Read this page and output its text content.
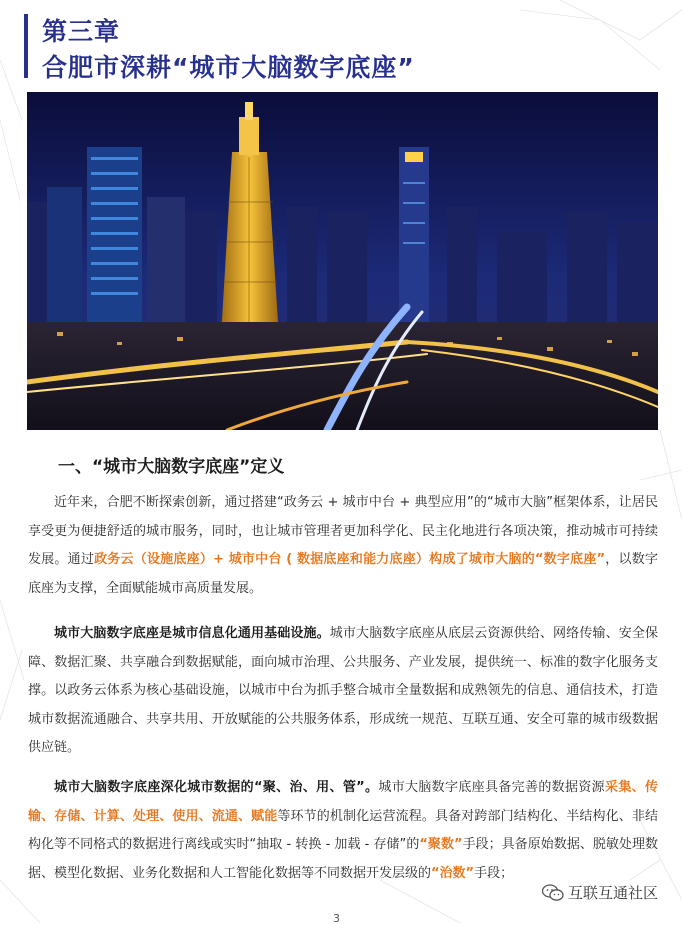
第三章
合肥市深耕“城市大脑数字底座”
一、“城市大脑数字底座”定义

近年来，合肥不断探索创新，通过搭建“政务云 + 城市中台 + 典型应用”的“城市大脑”框架体系，让居民享受更为便捷舒适的城市服务，同时，也让城市管理者更加科学化、民主化地进行各项决策，推动城市可持续发展。通过政务云（设施底座）+ 城市中台 ( 数据底座和能力底座）构成了城市大脑的“数字底座”，以数字底座为支撑，全面赋能城市高质量发展。

城市大脑数字底座是城市信息化通用基础设施。城市大脑数字底座从底层云资源供给、网络传输、安全保障、数据汇聚、共享融合到数据赋能，面向城市治理、公共服务、产业发展，提供统一、标准的数字化服务支撑。以政务云体系为核心基础设施，以城市中台为抓手整合城市全量数据和成熟领先的信息、通信技术，打造城市数据流通融合、共享共用、开放赋能的公共服务体系，形成统一规范、互联互通、安全可靠的城市级数据供应链。

城市大脑数字底座深化城市数据的“聚、治、用、管”。城市大脑数字底座具备完善的数据资源采集、传输、存储、计算、处理、使用、流通、赋能等环节的机制化运营流程。具备对跨部门结构化、半结构化、非结构化等不同格式的数据进行离线或实时“抽取 - 转换 - 加载 - 存储”的“聚数”手段；具备原始数据、脱敏处理数据、模型化数据、业务化数据和人工智能化数据等不同数据开发层级的“治数”手段；

互联互通社区
3
